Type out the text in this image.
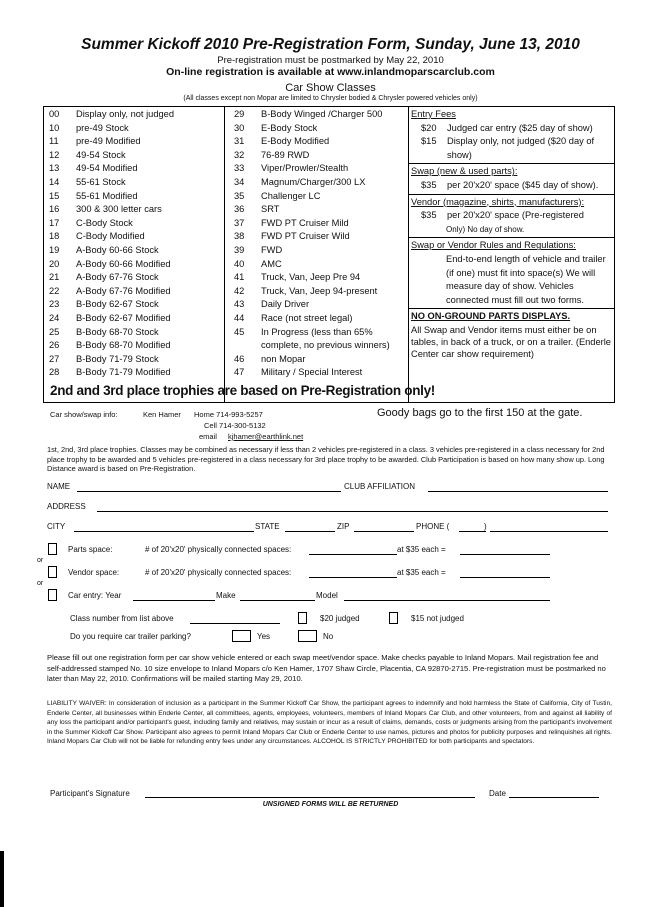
Summer Kickoff 2010 Pre-Registration Form, Sunday, June 13, 2010
Pre-registration must be postmarked by May 22, 2010
On-line registration is available at www.inlandmoparscarclub.com
Car Show Classes
(All classes except non Mopar are limited to Chrysler bodied & Chrysler powered vehicles only)
00 Display only, not judged
10 pre-49 Stock
11 pre-49 Modified
12 49-54 Stock
13 49-54 Modified
14 55-61 Stock
15 55-61 Modified
16 300 & 300 letter cars
17 C-Body Stock
18 C-Body Modified
19 A-Body 60-66 Stock
20 A-Body 60-66 Modified
21 A-Body 67-76 Stock
22 A-Body 67-76 Modified
23 B-Body 62-67 Stock
24 B-Body 62-67 Modified
25 B-Body 68-70 Stock
26 B-Body 68-70 Modified
27 B-Body 71-79 Stock
28 B-Body 71-79 Modified
29 B-Body Winged /Charger 500
30 E-Body Stock
31 E-Body Modified
32 76-89 RWD
33 Viper/Prowler/Stealth
34 Magnum/Charger/300 LX
35 Challenger LC
36 SRT
37 FWD PT Cruiser Mild
38 FWD PT Cruiser Wild
39 FWD
40 AMC
41 Truck, Van, Jeep Pre 94
42 Truck, Van, Jeep 94-present
43 Daily Driver
44 Race (not street legal)
45 In Progress (less than 65%
complete, no previous winners)
46 non Mopar
47 Military / Special Interest
Entry Fees
$20	Judged car entry ($25 day of show)
$15	Display only, not judged ($20 day of show)
Swap (new & used parts):
$35	per 20'x20' space ($45 day of show).
Vendor (magazine, shirts, manufacturers):
$35	per 20'x20' space (Pre-registered
Only) No day of show.
Swap or Vendor Rules and Regulations:
End-to-end length of vehicle and trailer (if one) must fit into space(s) We will measure day of show. Vehicles connected must fill out two forms.
NO ON-GROUND PARTS DISPLAYS.
All Swap and Vendor items must either be on tables, in back of a truck, or on a trailer. (Enderle Center car show requirement)
2nd and 3rd place trophies are based on Pre-Registration only!
Car show/swap info:	Ken Hamer Home 714-993-5257
Cell 714-300-5132
email kjhamer@earthlink.net
Goody bags go to the first 150 at the gate.
1st, 2nd, 3rd place trophies. Classes may be combined as necessary if less than 2 vehicles pre-registered in a class. 3 vehicles pre-registered in a class necessary for 2nd place trophy to be awarded and 5 vehicles pre-registered in a class necessary for 3rd place trophy to be awarded. Club Participation is based on how many show up. Long Distance award is based on Pre-Registration.
NAME	CLUB AFFILIATION
ADDRESS
CITY	STATE	ZIP	PHONE (	)
Parts space:	# of 20'x20' physically connected spaces:	at $35 each =
or
Vendor space:	# of 20'x20' physically connected spaces:	at $35 each =
or
Car entry: Year	Make	Model
Class number from list above	$20 judged	$15 not judged
Do you require car trailer parking?	Yes	No
Please fill out one registration form per car show vehicle entered or each swap meet/vendor space. Make checks payable to Inland Mopars. Mail registration fee and self-addressed stamped No. 10 size envelope to Inland Mopars c/o Ken Hamer, 1707 Shaw Circle, Placentia, CA 92870-2715. Pre-registration must be postmarked no later than May 22, 2010. Confirmations will be mailed starting May 29, 2010.
LIABILITY WAIVER: In consideration of inclusion as a participant in the Summer Kickoff Car Show, the participant agrees to indemnify and hold harmless the State of California, City of Tustin, Enderle Center, all businesses within Enderle Center, all committees, agents, employees, volunteers, members of Inland Mopars Car Club, and other volunteers, from and against all liability of any loss the participant and/or participant's guest, including family and relatives, may sustain or incur as a result of claims, demands, costs or judgments arising from the participant's involvement in the Summer Kickoff Car Show. Participant also agrees to permit Inland Mopars Car Club or Enderle Center to use names, pictures and photos for publicity purposes and relinquishes all rights. Inland Mopars Car Club will not be liable for refunding entry fees under any circumstances. ALCOHOL IS STRICTLY PROHIBITED for both participants and spectators.
Participant's Signature	Date
UNSIGNED FORMS WILL BE RETURNED
